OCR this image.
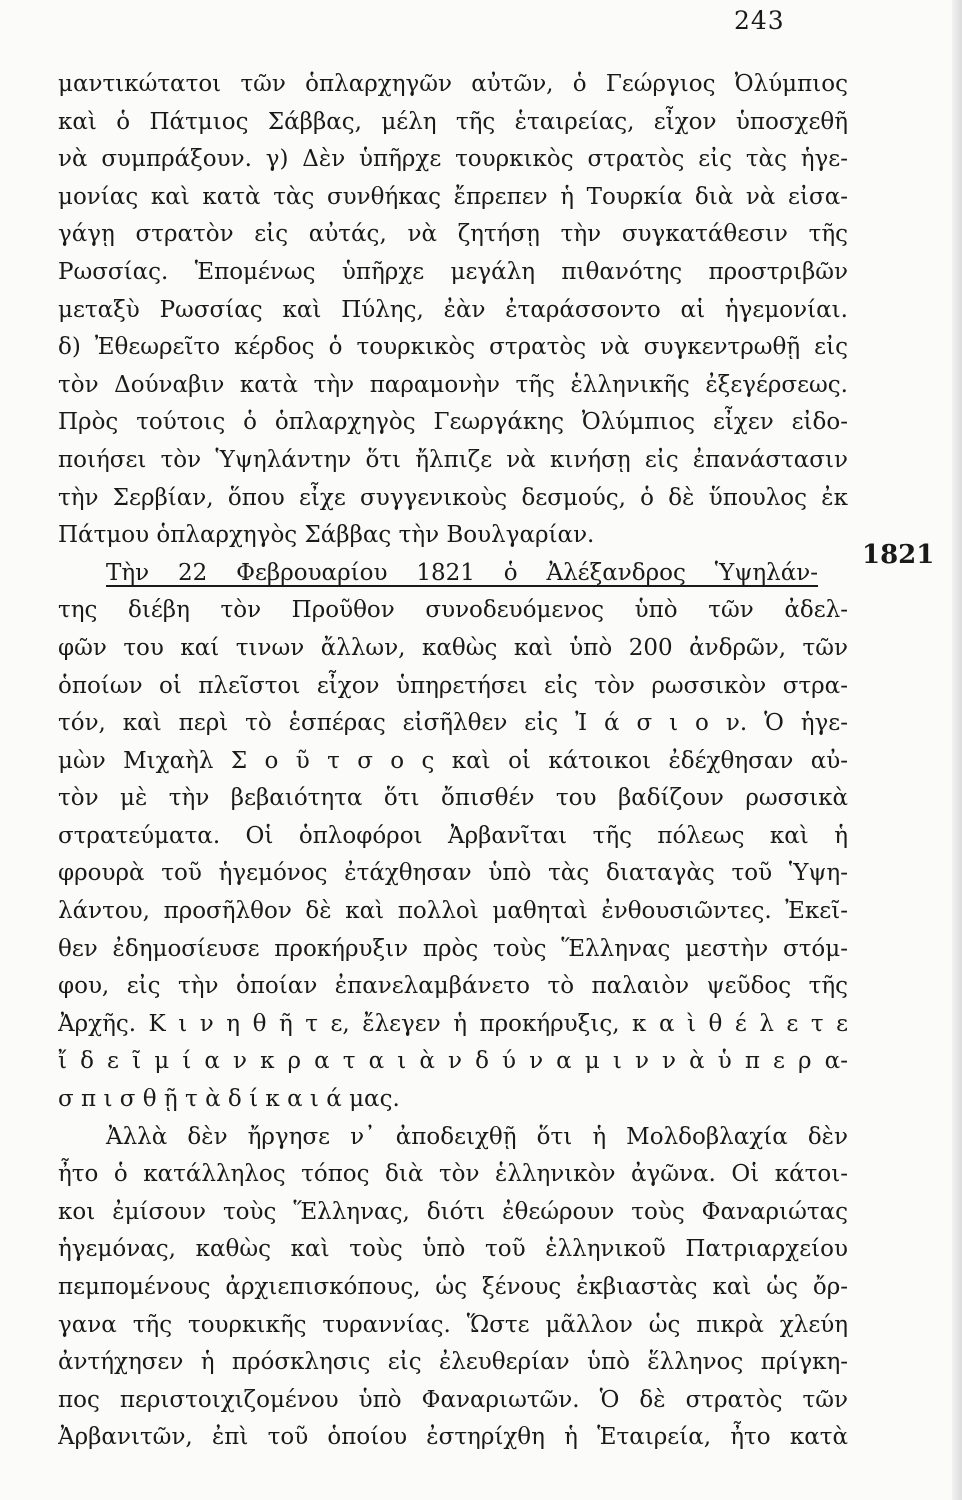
243
1821
μαντικώτατοι τῶν ὁπλαρχηγῶν αὐτῶν, ὁ Γεώργιος Ὀλύμπιος
καὶ ὁ Πάτμιος Σάββας, μέλη τῆς ἑταιρείας, εἶχον ὑποσχεθῆ
νὰ συμπράξουν. γ) Δὲν ὑπῆρχε τουρκικὸς στρατὸς εἰς τὰς ἡγε-
μονίας καὶ κατὰ τὰς συνθήκας ἔπρεπεν ἡ Τουρκία διὰ νὰ εἰσα-
γάγῃ στρατὸν εἰς αὐτάς, νὰ ζητήσῃ τὴν συγκατάθεσιν τῆς
Ρωσσίας. Ἑπομένως ὑπῆρχε μεγάλη πιθανότης προστριβῶν
μεταξὺ Ρωσσίας καὶ Πύλης, ἐὰν ἐταράσσοντο αἱ ἡγεμονίαι.
δ) Ἐθεωρεῖτο κέρδος ὁ τουρκικὸς στρατὸς νὰ συγκεντρωθῇ εἰς
τὸν Δούναβιν κατὰ τὴν παραμονὴν τῆς ἑλληνικῆς ἐξεγέρσεως.
Πρὸς τούτοις ὁ ὁπλαρχηγὸς Γεωργάκης Ὀλύμπιος εἶχεν εἰδο-
ποιήσει τὸν Ὑψηλάντην ὅτι ἤλπιζε νὰ κινήσῃ εἰς ἐπανάστασιν
τὴν Σερβίαν, ὅπου εἶχε συγγενικοὺς δεσμούς, ὁ δὲ ὕπουλος ἐκ
Πάτμου ὁπλαρχηγὸς Σάββας τὴν Βουλγαρίαν.
Τὴν 22 Φεβρουαρίου 1821 ὁ Ἀλέξανδρος Ὑψηλάν-
της διέβη τὸν Προῦθον συνοδευόμενος ὑπὸ τῶν ἀδελ-
φῶν του καί τινων ἄλλων, καθὼς καὶ ὑπὸ 200 ἀνδρῶν, τῶν
ὁποίων οἱ πλεῖστοι εἶχον ὑπηρετήσει εἰς τὸν ρωσσικὸν στρα-
τόν, καὶ περὶ τὸ ἑσπέρας εἰσῆλθεν εἰς Ἰ ά σ ι ο ν. Ὁ ἡγε-
μὼν Μιχαὴλ Σ ο ῦ τ σ ο ς καὶ οἱ κάτοικοι ἐδέχθησαν αὐ-
τὸν μὲ τὴν βεβαιότητα ὅτι ὄπισθέν του βαδίζουν ρωσσικὰ
στρατεύματα. Οἱ ὁπλοφόροι Ἀρβανῖται τῆς πόλεως καὶ ἡ
φρουρὰ τοῦ ἡγεμόνος ἐτάχθησαν ὑπὸ τὰς διαταγὰς τοῦ Ὑψη-
λάντου, προσῆλθον δὲ καὶ πολλοὶ μαθηταὶ ἐνθουσιῶντες. Ἐκεῖ-
θεν ἐδημοσίευσε προκήρυξιν πρὸς τοὺς Ἕλληνας μεστὴν στόμ-
φου, εἰς τὴν ὁποίαν ἐπανελαμβάνετο τὸ παλαιὸν ψεῦδος τῆς
Ἀρχῆς. Κ ι ν η θ ῆ τ ε, ἔλεγεν ἡ προκήρυξις, κ α ὶ θ έ λ ε τ ε
ἴ δ ε ῖ μ ί α ν κ ρ α τ α ι ὰ ν δ ύ ν α μ ι ν ν ὰ ὑ π ε ρ α-
σ π ι σ θ ῇ τ ὰ δ ί κ α ι ά μας.
Ἀλλὰ δὲν ἤργησε ν᾽ ἀποδειχθῇ ὅτι ἡ Μολδοβλαχία δὲν
ἦτο ὁ κατάλληλος τόπος διὰ τὸν ἑλληνικὸν ἀγῶνα. Οἱ κάτοι-
κοι ἐμίσουν τοὺς Ἕλληνας, διότι ἐθεώρουν τοὺς Φαναριώτας
ἡγεμόνας, καθὼς καὶ τοὺς ὑπὸ τοῦ ἑλληνικοῦ Πατριαρχείου
πεμπομένους ἀρχιεπισκόπους, ὡς ξένους ἐκβιαστὰς καὶ ὡς ὄρ-
γανα τῆς τουρκικῆς τυραννίας. Ὥστε μᾶλλον ὡς πικρὰ χλεύη
ἀντήχησεν ἡ πρόσκλησις εἰς ἐλευθερίαν ὑπὸ ἕλληνος πρίγκη-
πος περιστοιχιζομένου ὑπὸ Φαναριωτῶν. Ὁ δὲ στρατὸς τῶν
Ἀρβανιτῶν, ἐπὶ τοῦ ὁποίου ἐστηρίχθη ἡ Ἑταιρεία, ἦτο κατὰ
